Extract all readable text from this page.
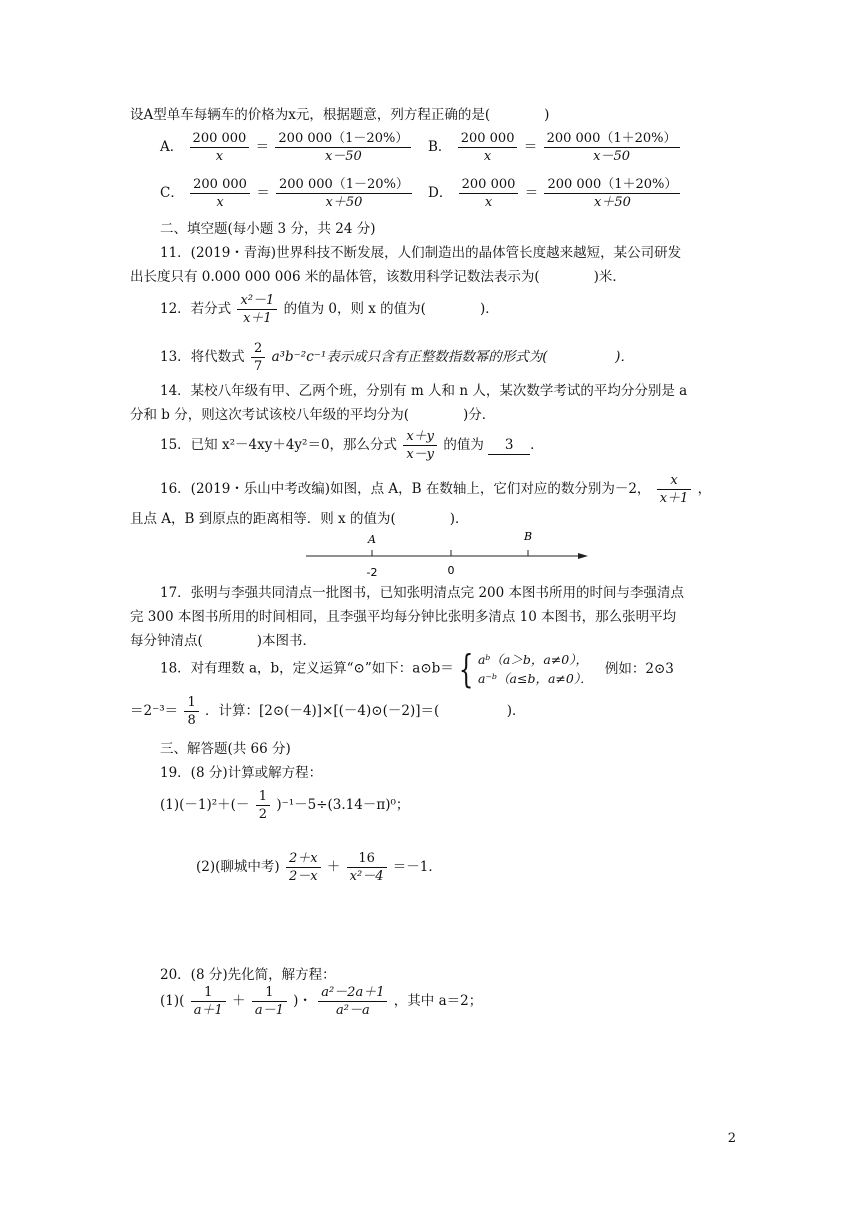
设A型单车每辆车的价格为x元，根据题意，列方程正确的是(　　　　)
A． $\frac{200 000}{x} = \frac{200 000(1-20\%)}{x-50}$ B． $\frac{200 000}{x} = \frac{200 000(1+20\%)}{x-50}$
C． $\frac{200 000}{x} = \frac{200 000(1-20\%)}{x+50}$ D． $\frac{200 000}{x} = \frac{200 000(1+20\%)}{x+50}$
二、填空题(每小题 3 分，共 24 分)
11．(2019・青海)世界科技不断发展，人们制造出的晶体管长度越来越短，某公司研发
出长度只有 0.000 000 006 米的晶体管，该数用科学记数法表示为(　　　　)米．
12．若分式 $\frac{\text{x²－1}}{x+1}$ 的值为 0，则 x 的值为(　　　　)．
13．将代数式 $\frac{2}{7} a^3b^{-2}c^{-1}$表示成只含有正整数指数幂的形式为(　　　　　)．
14．某校八年级有甲、乙两个班，分别有 m 人和 n 人，某次数学考试的平均分分别是 a
分和 b 分，则这次考试该校八年级的平均分为(　　　　)分．
15．已知 x²－4xy＋4y²＝0，那么分式 $\frac{x+y}{x-y}$ 的值为 3 ．
16．(2019・乐山中考改编)如图，点 A，B 在数轴上，它们对应的数分别为－2， $\frac{x}{x+1}$ ，
且点 A，B 到原点的距离相等．则 x 的值为(　　　　)．
A	B
-2	0
17．张明与李强共同清点一批图书，已知张明清点完 200 本图书所用的时间与李强清点
完 300 本图书所用的时间相同，且李强平均每分钟比张明多清点 10 本图书，那么张明平均
每分钟清点(　　　　)本图书．
18．对有理数 a，b，定义运算“⊙”如下：a⊙b＝ { aᵇ（a＞b，a≠0），
a⁻ᵇ（a≤b，a≠0）．
例如：2⊙3
$=2^{-3}= \frac{1}{8}$ ．计算：[2⊙(－4)]×[(－4)⊙(－2)]＝(　　　　　)．
三、解答题(共 66 分)
19．(8 分)计算或解方程：
$(1)(-1)^2+(- \frac{1}{2} )^{-1}-5\div(3.14-\pi)^0$；
(2)(聊城中考) $\frac{2+x}{2-x} + \frac{16}{\text{x²－4}} =-1$．
20．(8 分)先化简，解方程：
$(1)( \frac{1}{a+1} + \frac{1}{a-1}$ )・ $\frac{\text{a²－2a＋1}}{\text{a²－a}}$ ，其中 a＝2；
2
